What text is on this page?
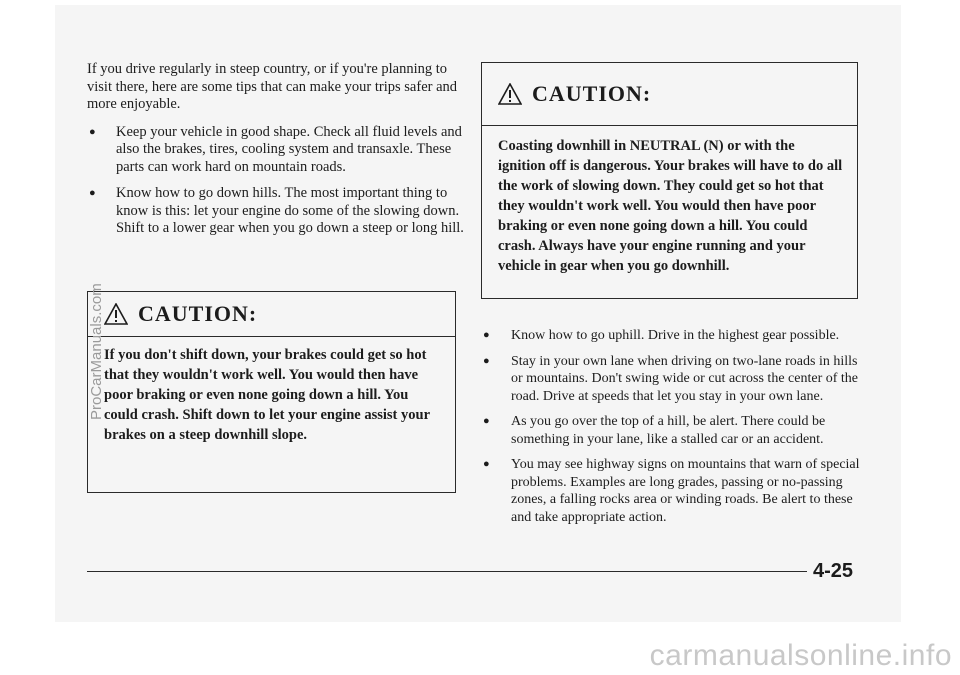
If you drive regularly in steep country, or if you're planning to visit there, here are some tips that can make your trips safer and more enjoyable.

● Keep your vehicle in good shape. Check all fluid levels and also the brakes, tires, cooling system and transaxle. These parts can work hard on mountain roads.
● Know how to go down hills. The most important thing to know is this: let your engine do some of the slowing down. Shift to a lower gear when you go down a steep or long hill.
CAUTION:
If you don't shift down, your brakes could get so hot that they wouldn't work well. You would then have poor braking or even none going down a hill. You could crash. Shift down to let your engine assist your brakes on a steep downhill slope.
CAUTION:
Coasting downhill in NEUTRAL (N) or with the ignition off is dangerous. Your brakes will have to do all the work of slowing down. They could get so hot that they wouldn't work well. You would then have poor braking or even none going down a hill. You could crash. Always have your engine running and your vehicle in gear when you go downhill.
● Know how to go uphill. Drive in the highest gear possible.
● Stay in your own lane when driving on two-lane roads in hills or mountains. Don't swing wide or cut across the center of the road. Drive at speeds that let you stay in your own lane.
● As you go over the top of a hill, be alert. There could be something in your lane, like a stalled car or an accident.
● You may see highway signs on mountains that warn of special problems. Examples are long grades, passing or no-passing zones, a falling rocks area or winding roads. Be alert to these and take appropriate action.
4-25
ProCarManuals.com
carmanualsonline.info
